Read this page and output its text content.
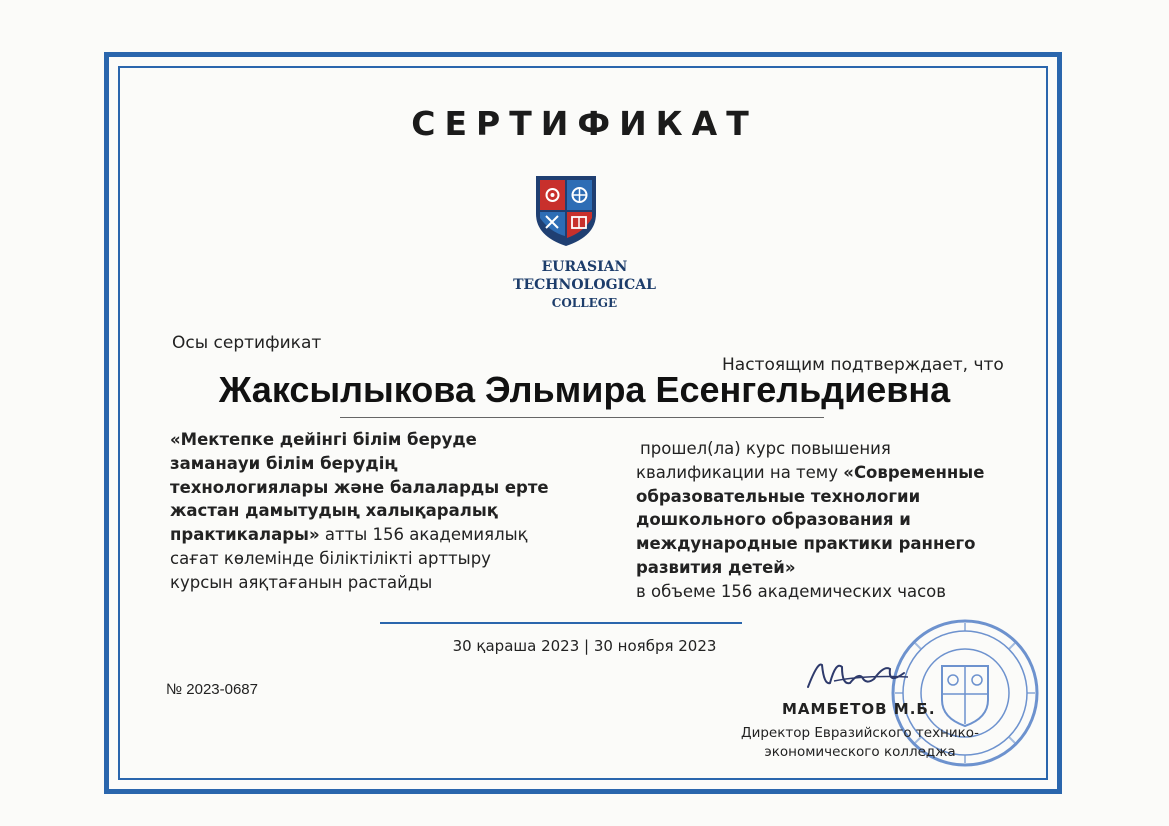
СЕРТИФИКАТ
EURASIAN
TECHNOLOGICAL
COLLEGE
Осы сертификат
Настоящим подтверждает, что
Жаксылыкова Эльмира Есенгельдиевна
«Мектепке дейінгі білім беруде заманауи білім берудің технологиялары және балаларды ерте жастан дамытудың халықаралық практикалары» атты 156 академиялық сағат көлемінде біліктілікті арттыру курсын аяқтағанын растайды
прошел(ла) курс повышения
квалификации на тему «Современные образовательные технологии дошкольного образования и международные практики раннего развития детей»
в объеме 156 академических часов
30 қараша 2023 | 30 ноября 2023
№ 2023-0687
МАМБЕТОВ М.Б.
Директор Евразийского технико-экономического колледжа
